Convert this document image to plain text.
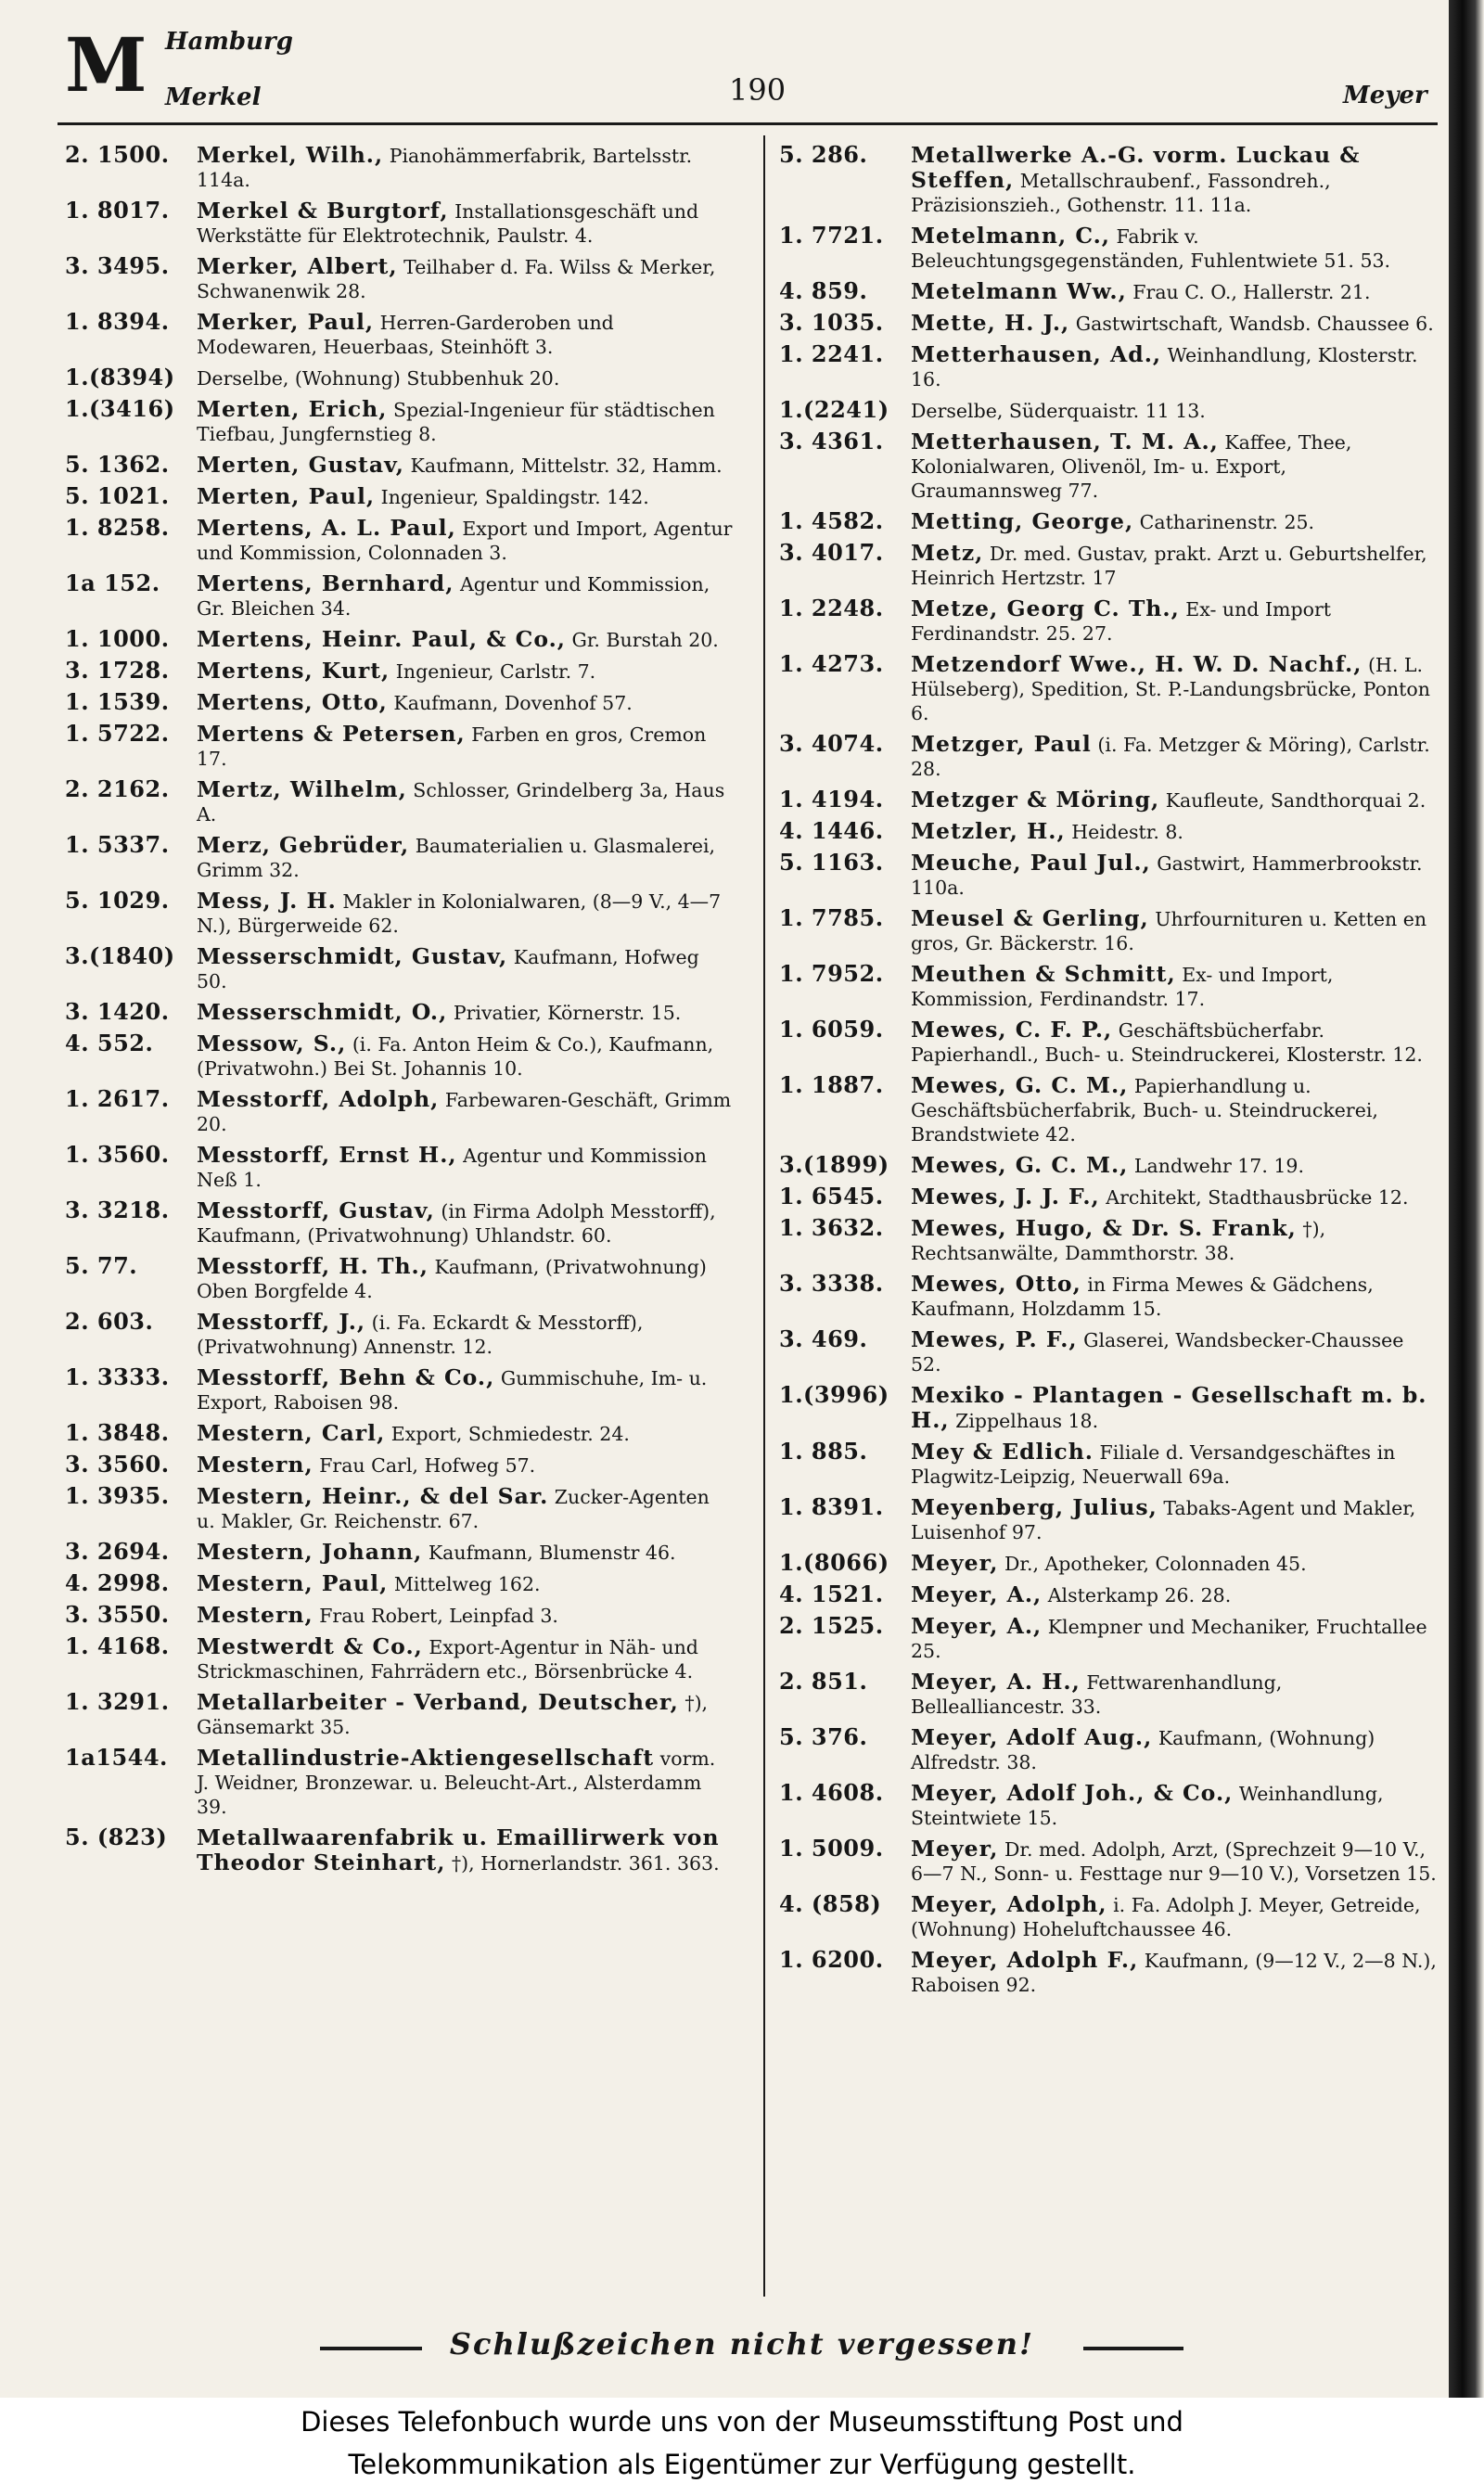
M Hamburg
Merkel	190	Meyer
2. 1500. Merkel, Wilh., Pianohämmerfabrik, Bartelsstr. 114a.
1. 8017. Merkel & Burgtorf, Installationsgeschäft und Werkstätte für Elektrotechnik, Paulstr. 4.
3. 3495. Merker, Albert, Teilhaber d. Fa. Wilss & Merker, Schwanenwik 28.
1. 8394. Merker, Paul, Herren-Garderoben und Modewaren, Heuerbaas, Steinhöft 3.
1.(8394) Derselbe, (Wohnung) Stubbenhuk 20.
1.(3416) Merten, Erich, Spezial-Ingenieur für städtischen Tiefbau, Jungfernstieg 8.
5. 1362. Merten, Gustav, Kaufmann, Mittelstr. 32, Hamm.
5. 1021. Merten, Paul, Ingenieur, Spaldingstr. 142.
1. 8258. Mertens, A. L. Paul, Export und Import, Agentur und Kommission, Colonnaden 3.
1a 152. Mertens, Bernhard, Agentur und Kommission, Gr. Bleichen 34.
1. 1000. Mertens, Heinr. Paul, & Co., Gr. Burstah 20.
3. 1728. Mertens, Kurt, Ingenieur, Carlstr. 7.
1. 1539. Mertens, Otto, Kaufmann, Dovenhof 57.
1. 5722. Mertens & Petersen, Farben en gros, Cremon 17.
2. 2162. Mertz, Wilhelm, Schlosser, Grindelberg 3a, Haus A.
1. 5337. Merz, Gebrüder, Baumaterialien u. Glasmalerei, Grimm 32.
5. 1029. Mess, J. H. Makler in Kolonialwaren, (8—9 V., 4—7 N.), Bürgerweide 62.
3.(1840) Messerschmidt, Gustav, Kaufmann, Hofweg 50.
3. 1420. Messerschmidt, O., Privatier, Körnerstr. 15.
4. 552. Messow, S., (i. Fa. Anton Heim & Co.), Kaufmann, (Privatwohn.) Bei St. Johannis 10.
1. 2617. Messtorff, Adolph, Farbewaren-Geschäft, Grimm 20.
1. 3560. Messtorff, Ernst H., Agentur und Kommission Neß 1.
3. 3218. Messtorff, Gustav, (in Firma Adolph Messtorff), Kaufmann, (Privatwohnung) Uhlandstr. 60.
5. 77.	Messtorff, H. Th., Kaufmann, (Privatwohnung) Oben Borgfelde 4.
2. 603. Messtorff, J., (i. Fa. Eckardt & Messtorff), (Privatwohnung) Annenstr. 12.
1. 3333. Messtorff, Behn & Co., Gummischuhe, Im- u. Export, Raboisen 98.
1. 3848. Mestern, Carl, Export, Schmiedestr. 24.
3. 3560. Mestern, Frau Carl, Hofweg 57.
1. 3935. Mestern, Heinr., & del Sar. Zucker-Agenten u. Makler, Gr. Reichenstr. 67.
3. 2694. Mestern, Johann, Kaufmann, Blumenstr 46.
4. 2998. Mestern, Paul, Mittelweg 162.
3. 3550. Mestern, Frau Robert, Leinpfad 3.
1. 4168. Mestwerdt & Co., Export-Agentur in Näh- und Strickmaschinen, Fahrrädern etc., Börsenbrücke 4.
1. 3291. Metallarbeiter - Verband, Deutscher, †), Gänsemarkt 35.
1a1544. Metallindustrie-Aktiengesellschaft vorm. J. Weidner, Bronzewar. u. Beleucht-Art., Alsterdamm 39.
5. (823) Metallwaarenfabrik u. Emaillirwerk von Theodor Steinhart, †), Hornerlandstr. 361. 363.
5. 286. Metallwerke A.-G. vorm. Luckau & Steffen, Metallschraubenf., Fassondreh., Präzisionszieh., Gothenstr. 11. 11a.
1. 7721. Metelmann, C., Fabrik v. Beleuchtungsgegenständen, Fuhlentwiete 51. 53.
4. 859. Metelmann Ww., Frau C. O., Hallerstr. 21.
3. 1035. Mette, H. J., Gastwirtschaft, Wandsb. Chaussee 6.
1. 2241. Metterhausen, Ad., Weinhandlung, Klosterstr. 16.
1.(2241) Derselbe, Süderquaistr. 11 13.
3. 4361. Metterhausen, T. M. A., Kaffee, Thee, Kolonialwaren, Olivenöl, Im- u. Export, Graumannsweg 77.
1. 4582. Metting, George, Catharinenstr. 25.
3. 4017. Metz, Dr. med. Gustav, prakt. Arzt u. Geburtshelfer, Heinrich Hertzstr. 17
1. 2248. Metze, Georg C. Th., Ex- und Import Ferdinandstr. 25. 27.
1. 4273. Metzendorf Wwe., H. W. D. Nachf., (H. L. Hülseberg), Spedition, St. P.-Landungsbrücke, Ponton 6.
3. 4074. Metzger, Paul (i. Fa. Metzger & Möring), Carlstr. 28.
1. 4194. Metzger & Möring, Kaufleute, Sandthorquai 2.
4. 1446. Metzler, H., Heidestr. 8.
5. 1163. Meuche, Paul Jul., Gastwirt, Hammerbrookstr. 110a.
1. 7785. Meusel & Gerling, Uhrfournituren u. Ketten en gros, Gr. Bäckerstr. 16.
1. 7952. Meuthen & Schmitt, Ex- und Import, Kommission, Ferdinandstr. 17.
1. 6059. Mewes, C. F. P., Geschäftsbücherfabr. Papierhandl., Buch- u. Steindruckerei, Klosterstr. 12.
1. 1887. Mewes, G. C. M., Papierhandlung u. Geschäftsbücherfabrik, Buch- u. Steindruckerei, Brandstwiete 42.
3.(1899) Mewes, G. C. M., Landwehr 17. 19.
1. 6545. Mewes, J. J. F., Architekt, Stadthausbrücke 12.
1. 3632. Mewes, Hugo, & Dr. S. Frank, †), Rechtsanwälte, Dammthorstr. 38.
3. 3338. Mewes, Otto, in Firma Mewes & Gädchens, Kaufmann, Holzdamm 15.
3. 469. Mewes, P. F., Glaserei, Wandsbecker-Chaussee 52.
1.(3996) Mexiko - Plantagen - Gesellschaft m. b. H., Zippelhaus 18.
1. 885. Mey & Edlich. Filiale d. Versandgeschäftes in Plagwitz-Leipzig, Neuerwall 69a.
1. 8391. Meyenberg, Julius, Tabaks-Agent und Makler, Luisenhof 97.
1.(8066) Meyer, Dr., Apotheker, Colonnaden 45.
4. 1521. Meyer, A., Alsterkamp 26. 28.
2. 1525. Meyer, A., Klempner und Mechaniker, Fruchtallee 25.
2. 851. Meyer, A. H., Fettwarenhandlung, Bellealliancestr. 33.
5. 376. Meyer, Adolf Aug., Kaufmann, (Wohnung) Alfredstr. 38.
1. 4608. Meyer, Adolf Joh., & Co., Weinhandlung, Steintwiete 15.
1. 5009. Meyer, Dr. med. Adolph, Arzt, (Sprechzeit 9—10 V., 6—7 N., Sonn- u. Festtage nur 9—10 V.), Vorsetzen 15.
4. (858) Meyer, Adolph, i. Fa. Adolph J. Meyer, Getreide, (Wohnung) Hoheluftchaussee 46.
1. 6200. Meyer, Adolph F., Kaufmann, (9—12 V., 2—8 N.), Raboisen 92.
Schlußzeichen nicht vergessen!
Dieses Telefonbuch wurde uns von der Museumsstiftung Post und
Telekommunikation als Eigentümer zur Verfügung gestellt.
